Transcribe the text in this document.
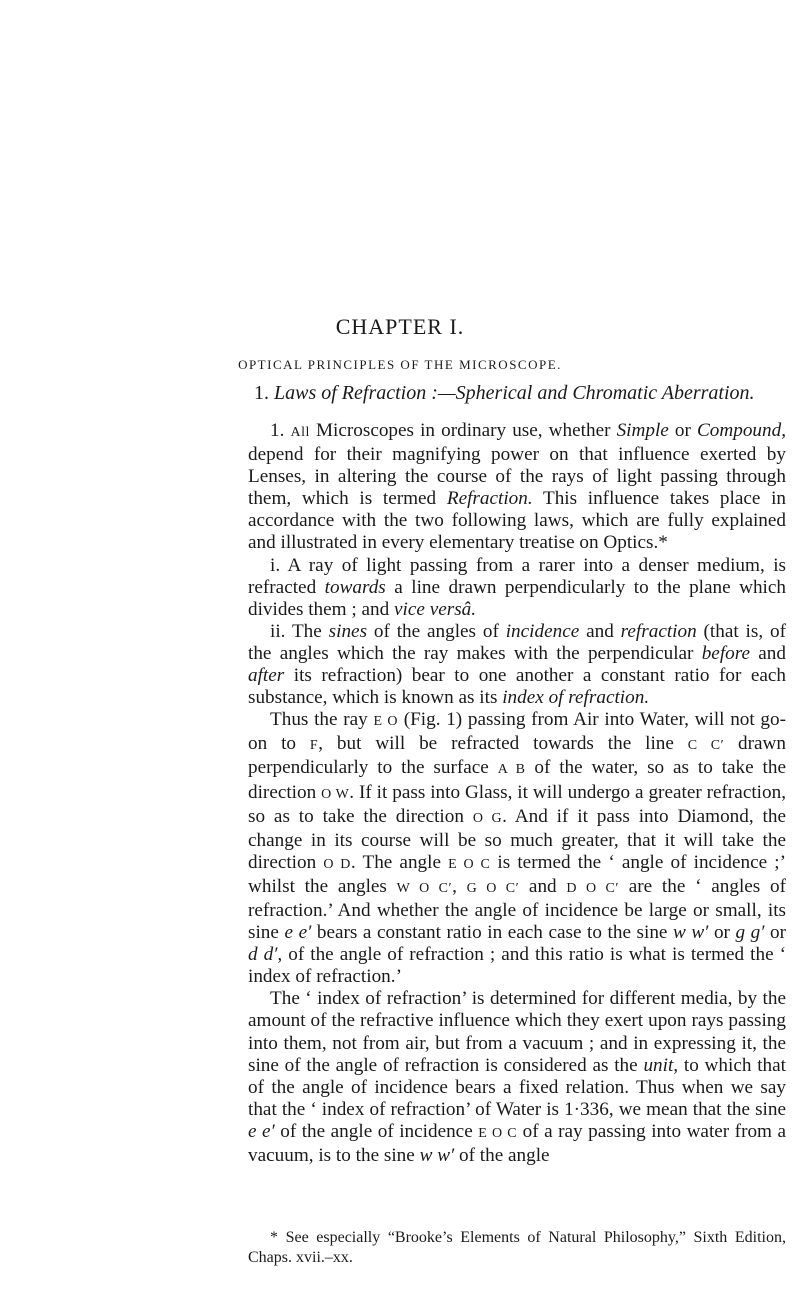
CHAPTER I.
OPTICAL PRINCIPLES OF THE MICROSCOPE.
1. Laws of Refraction :—Spherical and Chromatic Aberration.

1. All Microscopes in ordinary use, whether Simple or Compound, depend for their magnifying power on that influence exerted by Lenses, in altering the course of the rays of light passing through them, which is termed Refraction. This influence takes place in accordance with the two following laws, which are fully explained and illustrated in every elementary treatise on Optics.*

i. A ray of light passing from a rarer into a denser medium, is refracted towards a line drawn perpendicularly to the plane which divides them ; and vice versâ.

ii. The sines of the angles of incidence and refraction (that is, of the angles which the ray makes with the perpendicular before and after its refraction) bear to one another a constant ratio for each substance, which is known as its index of refraction.

Thus the ray E O (Fig. 1) passing from Air into Water, will not go-on to F, but will be refracted towards the line C C′ drawn perpendicularly to the surface A B of the water, so as to take the direction O W. If it pass into Glass, it will undergo a greater refraction, so as to take the direction O G. And if it pass into Diamond, the change in its course will be so much greater, that it will take the direction O D. The angle E O C is termed the ‘ angle of incidence ;’ whilst the angles W O C′, G O C′ and D O C′ are the ‘ angles of refraction.’ And whether the angle of incidence be large or small, its sine e e′ bears a constant ratio in each case to the sine w w′ or g g′ or d d′, of the angle of refraction ; and this ratio is what is termed the ‘ index of refraction.’

The ‘ index of refraction’ is determined for different media, by the amount of the refractive influence which they exert upon rays passing into them, not from air, but from a vacuum ; and in expressing it, the sine of the angle of refraction is considered as the unit, to which that of the angle of incidence bears a fixed relation. Thus when we say that the ‘ index of refraction’ of Water is 1·336, we mean that the sine e e′ of the angle of incidence E O C of a ray passing into water from a vacuum, is to the sine w w′ of the angle

* See especially “Brooke’s Elements of Natural Philosophy,” Sixth Edition, Chaps. xvii.–xx.
